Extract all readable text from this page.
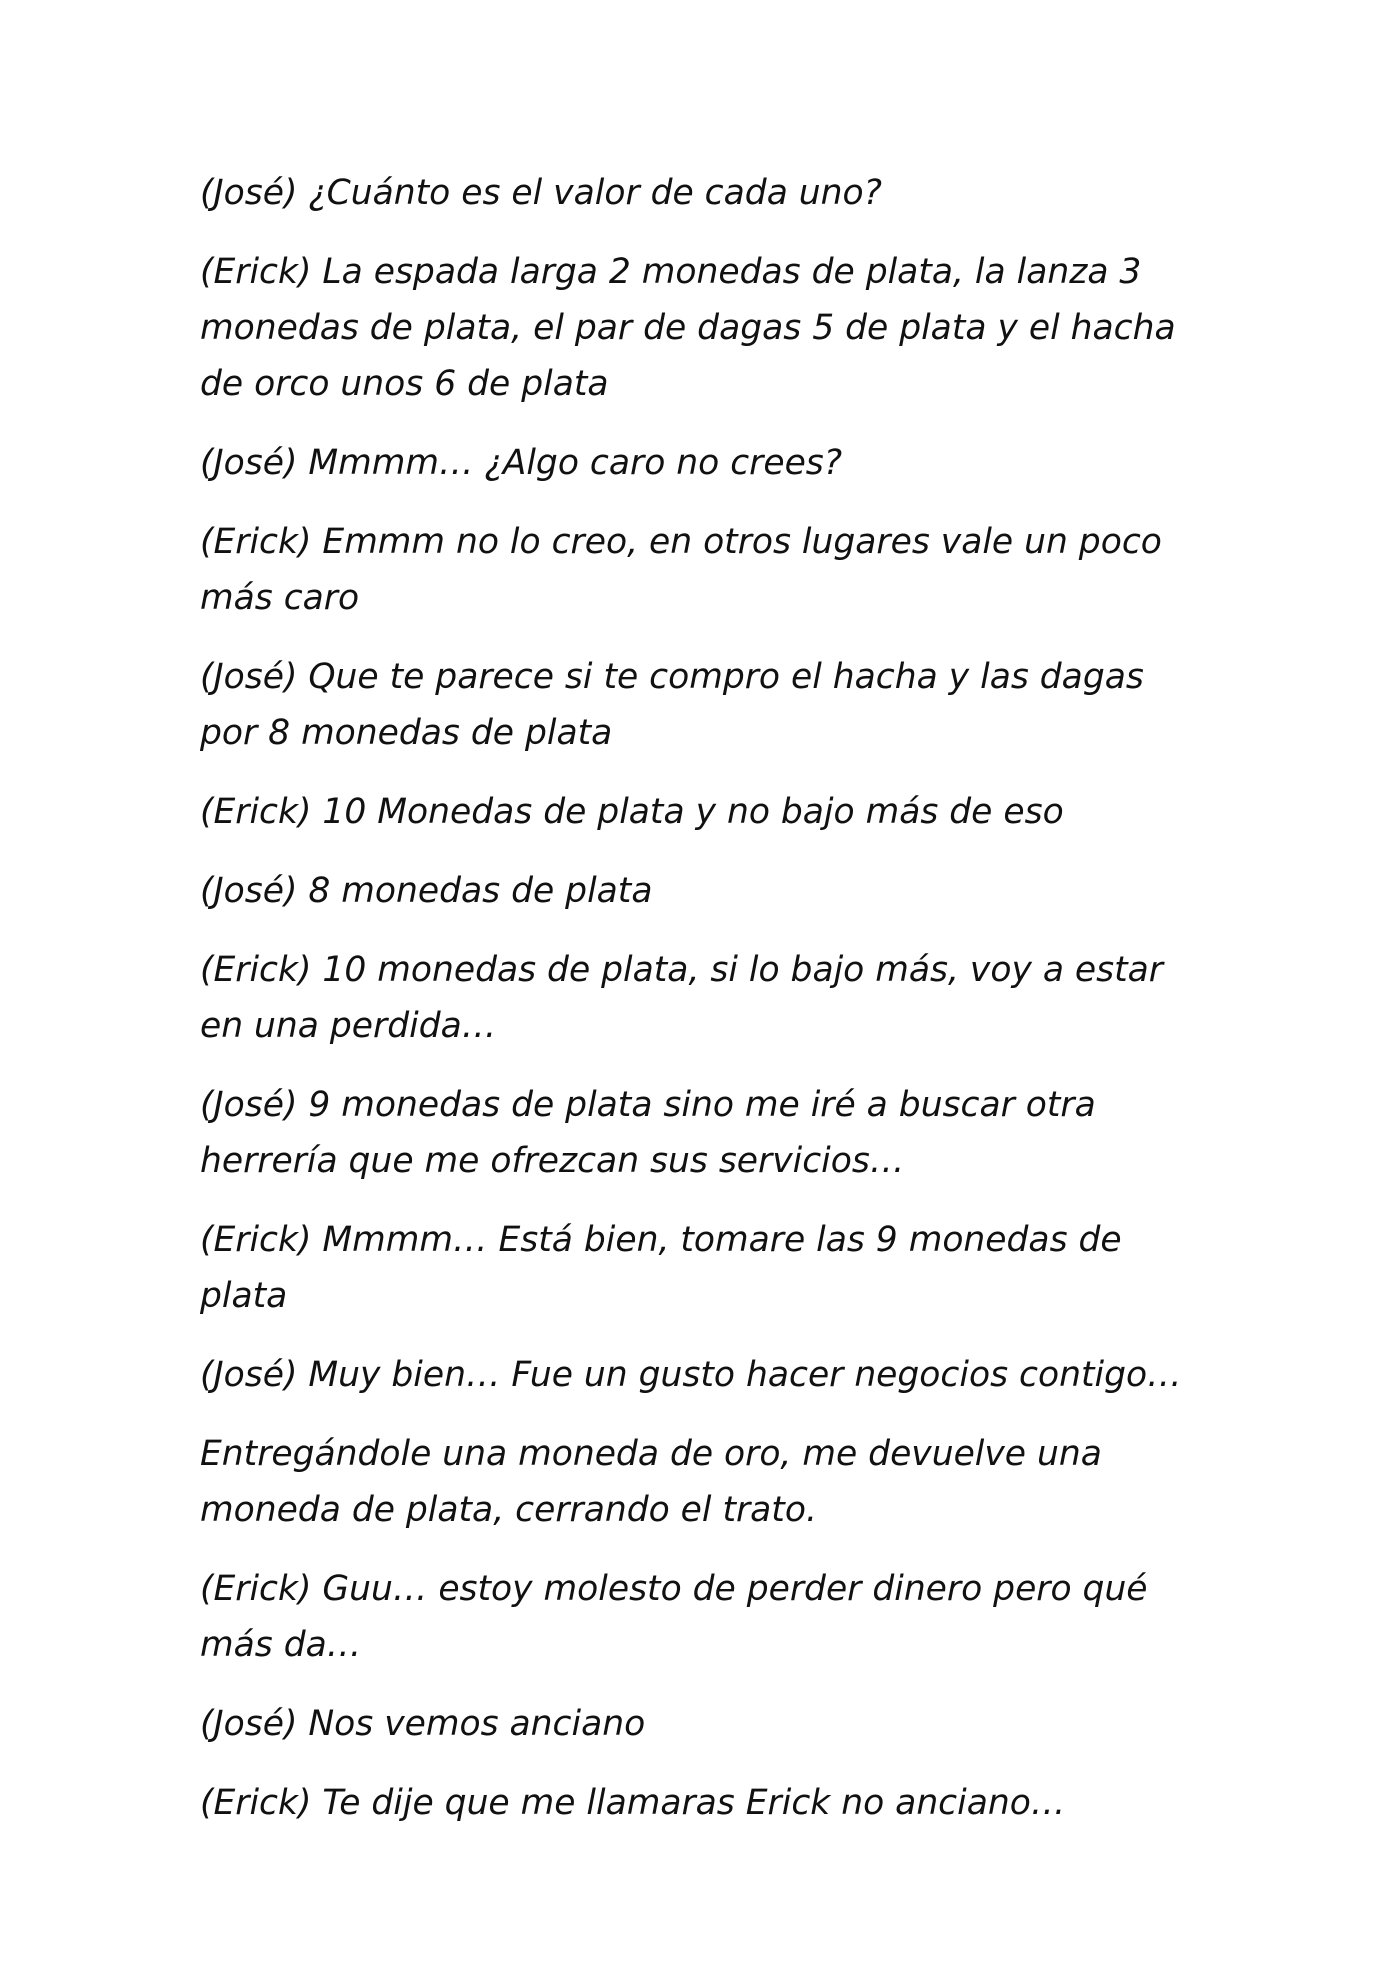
(José) ¿Cuánto es el valor de cada uno?

(Erick) La espada larga 2 monedas de plata, la lanza 3 monedas de plata, el par de dagas 5 de plata y el hacha de orco unos 6 de plata

(José) Mmmm… ¿Algo caro no crees?

(Erick) Emmm no lo creo, en otros lugares vale un poco más caro

(José) Que te parece si te compro el hacha y las dagas por 8 monedas de plata

(Erick) 10 Monedas de plata y no bajo más de eso

(José) 8 monedas de plata

(Erick) 10 monedas de plata, si lo bajo más, voy a estar en una perdida…

(José) 9 monedas de plata sino me iré a buscar otra herrería que me ofrezcan sus servicios…

(Erick) Mmmm… Está bien, tomare las 9 monedas de plata

(José) Muy bien… Fue un gusto hacer negocios contigo…

Entregándole una moneda de oro, me devuelve una moneda de plata, cerrando el trato.

(Erick) Guu… estoy molesto de perder dinero pero qué más da…

(José) Nos vemos anciano

(Erick) Te dije que me llamaras Erick no anciano…
